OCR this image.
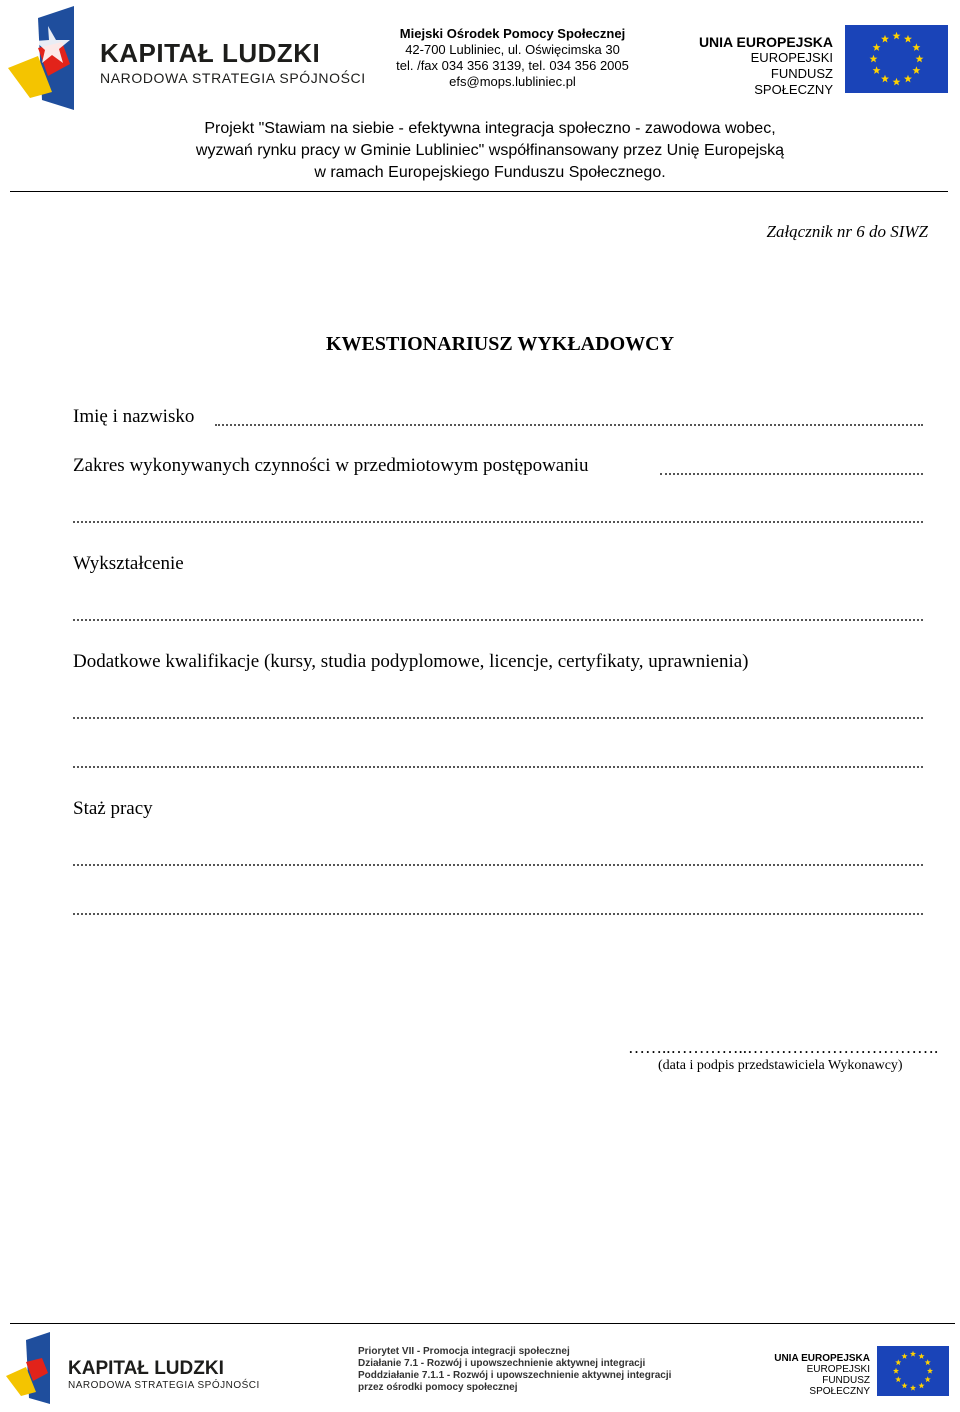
KAPITAŁ LUDZKI
NARODOWA STRATEGIA SPÓJNOŚCI
Miejski Ośrodek Pomocy Społecznej
42-700 Lubliniec, ul. Oświęcimska 30
tel. /fax 034 356 3139, tel. 034 356 2005
efs@mops.lubliniec.pl
UNIA EUROPEJSKA
EUROPEJSKI
FUNDUSZ SPOŁECZNY
Projekt "Stawiam na siebie - efektywna integracja społeczno - zawodowa wobec,
wyzwań rynku pracy w Gminie Lubliniec" współfinansowany przez Unię Europejską
w ramach Europejskiego Funduszu Społecznego.
Załącznik nr 6 do SIWZ
KWESTIONARIUSZ WYKŁADOWCY
Imię i nazwisko
Zakres wykonywanych czynności w przedmiotowym postępowaniu
Wykształcenie
Dodatkowe kwalifikacje (kursy, studia podyplomowe, licencje, certyfikaty, uprawnienia)
Staż pracy
……..…………..…………………………….
(data i podpis przedstawiciela Wykonawcy)
KAPITAŁ LUDZKI
NARODOWA STRATEGIA SPÓJNOŚCI
Priorytet VII - Promocja integracji społecznej
Działanie 7.1 - Rozwój i upowszechnienie aktywnej integracji
Poddziałanie 7.1.1 - Rozwój i upowszechnienie aktywnej integracji
przez ośrodki pomocy społecznej
UNIA EUROPEJSKA
EUROPEJSKI
FUNDUSZ SPOŁECZNY
